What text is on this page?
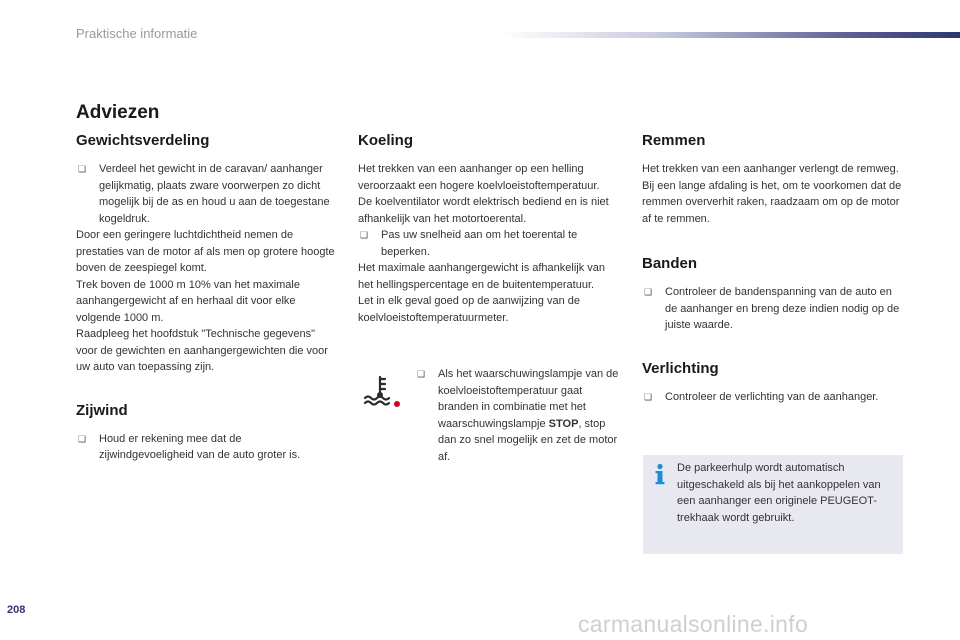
Praktische informatie
Adviezen
Gewichtsverdeling

❑ Verdeel het gewicht in de caravan/ aanhanger gelijkmatig, plaats zware voorwerpen zo dicht mogelijk bij de as en houd u aan de toegestane kogeldruk.

Door een geringere luchtdichtheid nemen de prestaties van de motor af als men op grotere hoogte boven de zeespiegel komt.

Trek boven de 1000 m 10% van het maximale aanhangergewicht af en herhaal dit voor elke volgende 1000 m.

Raadpleeg het hoofdstuk "Technische gegevens" voor de gewichten en aanhangergewichten die voor uw auto van toepassing zijn.

Zijwind

❑ Houd er rekening mee dat de zijwindgevoeligheid van de auto groter is.

Koeling

Het trekken van een aanhanger op een helling veroorzaakt een hogere koelvloeistoftemperatuur.

De koelventilator wordt elektrisch bediend en is niet afhankelijk van het motortoerental.

❑ Pas uw snelheid aan om het toerental te beperken.

Het maximale aanhangergewicht is afhankelijk van het hellingspercentage en de buitentemperatuur.

Let in elk geval goed op de aanwijzing van de koelvloeistoftemperatuurmeter.

❑ Als het waarschuwingslampje van de koelvloeistoftemperatuur gaat branden in combinatie met het waarschuwingslampje STOP, stop dan zo snel mogelijk en zet de motor af.

Remmen

Het trekken van een aanhanger verlengt de remweg.

Bij een lange afdaling is het, om te voorkomen dat de remmen oververhit raken, raadzaam om op de motor af te remmen.

Banden

❑ Controleer de bandenspanning van de auto en de aanhanger en breng deze indien nodig op de juiste waarde.

Verlichting

❑ Controleer de verlichting van de aanhanger.

De parkeerhulp wordt automatisch uitgeschakeld als bij het aankoppelen van een aanhanger een originele PEUGEOT-trekhaak wordt gebruikt.

208
carmanualsonline.info
